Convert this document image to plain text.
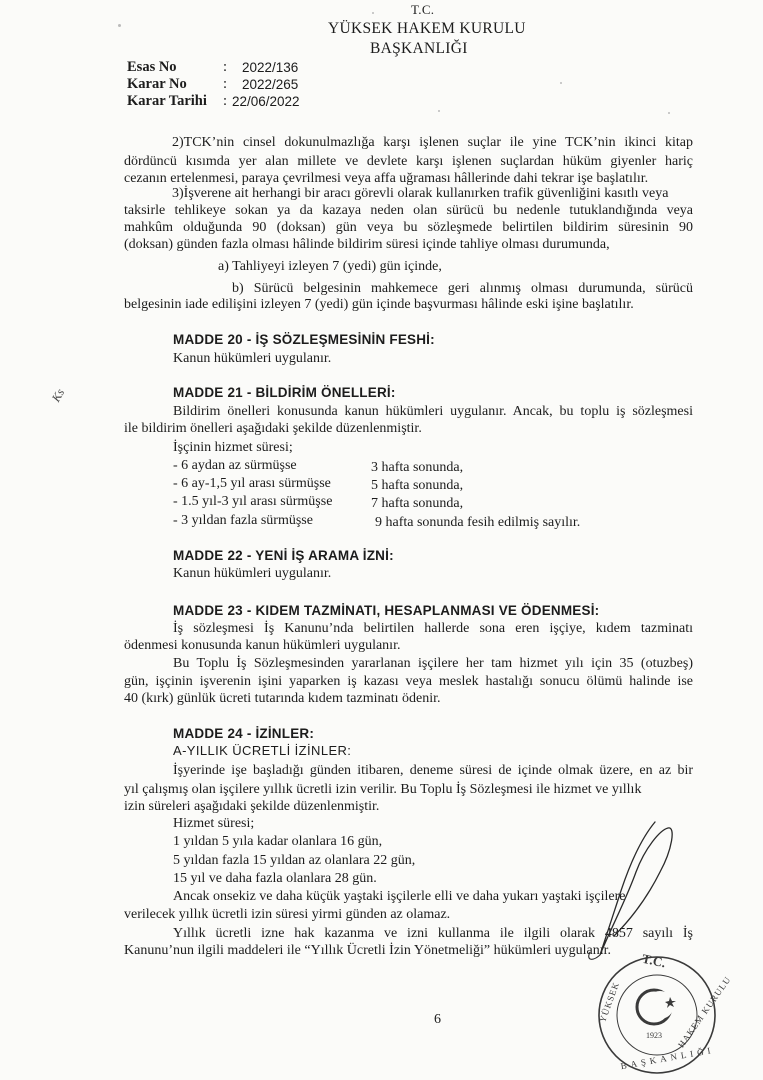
T.C.
YÜKSEK HAKEM KURULU
BAŞKANLIĞI
Esas No	: 2022/136
Karar No	: 2022/265
Karar Tarihi : 22/06/2022
2)TCK’nin cinsel dokunulmazlığa karşı işlenen suçlar ile yine TCK’nin ikinci kitap
dördüncü kısımda yer alan millete ve devlete karşı işlenen suçlardan hüküm giyenler hariç
cezanın ertelenmesi, paraya çevrilmesi veya affa uğraması hâllerinde dahi tekrar işe başlatılır.
3)İşverene ait herhangi bir aracı görevli olarak kullanırken trafik güvenliğini kasıtlı veya
taksirle tehlikeye sokan ya da kazaya neden olan sürücü bu nedenle tutuklandığında veya
mahkûm olduğunda 90 (doksan) gün veya bu sözleşmede belirtilen bildirim süresinin 90
(doksan) günden fazla olması hâlinde bildirim süresi içinde tahliye olması durumunda,
a) Tahliyeyi izleyen 7 (yedi) gün içinde,
b) Sürücü belgesinin mahkemece geri alınmış olması durumunda, sürücü
belgesinin iade edilişini izleyen 7 (yedi) gün içinde başvurması hâlinde eski işine başlatılır.
MADDE 20 - İŞ SÖZLEŞMESİNİN FESHİ:
Kanun hükümleri uygulanır.
Ks	MADDE 21 - BİLDİRİM ÖNELLERİ:
Bildirim önelleri konusunda kanun hükümleri uygulanır. Ancak, bu toplu iş sözleşmesi
ile bildirim önelleri aşağıdaki şekilde düzenlenmiştir.
İşçinin hizmet süresi;
- 6 aydan az sürmüşse	3 hafta sonunda,
- 6 ay-1,5 yıl arası sürmüşse	5 hafta sonunda,
- 1.5 yıl-3 yıl arası sürmüşse	7 hafta sonunda,
- 3 yıldan fazla sürmüşse	9 hafta sonunda fesih edilmiş sayılır.
MADDE 22 - YENİ İŞ ARAMA İZNİ:
Kanun hükümleri uygulanır.
MADDE 23 - KIDEM TAZMİNATI, HESAPLANMASI VE ÖDENMESİ:
İş sözleşmesi İş Kanunu’nda belirtilen hallerde sona eren işçiye, kıdem tazminatı
ödenmesi konusunda kanun hükümleri uygulanır.
Bu Toplu İş Sözleşmesinden yararlanan işçilere her tam hizmet yılı için 35 (otuzbeş)
gün, işçinin işverenin işini yaparken iş kazası veya meslek hastalığı sonucu ölümü halinde ise
40 (kırk) günlük ücreti tutarında kıdem tazminatı ödenir.
MADDE 24 - İZİNLER:
A-YILLIK ÜCRETLİ İZİNLER:
İşyerinde işe başladığı günden itibaren, deneme süresi de içinde olmak üzere, en az bir
yıl çalışmış olan işçilere yıllık ücretli izin verilir. Bu Toplu İş Sözleşmesi ile hizmet ve yıllık
izin süreleri aşağıdaki şekilde düzenlenmiştir.
Hizmet süresi;
1 yıldan 5 yıla kadar olanlara 16 gün,
5 yıldan fazla 15 yıldan az olanlara 22 gün,
15 yıl ve daha fazla olanlara 28 gün.
Ancak onsekiz ve daha küçük yaştaki işçilerle elli ve daha yukarı yaştaki işçilere
verilecek yıllık ücretli izin süresi yirmi günden az olamaz.
Yıllık ücretli izne hak kazanma ve izni kullanma ile ilgili olarak 4857 sayılı İş
Kanunu’nun ilgili maddeleri ile “Yıllık Ücretli İzin Yönetmeliği” hükümleri uygulanır.
T.C.
YÜKSEK	HAKEM KURULU
BAŞKANLIĞI
1923
6
